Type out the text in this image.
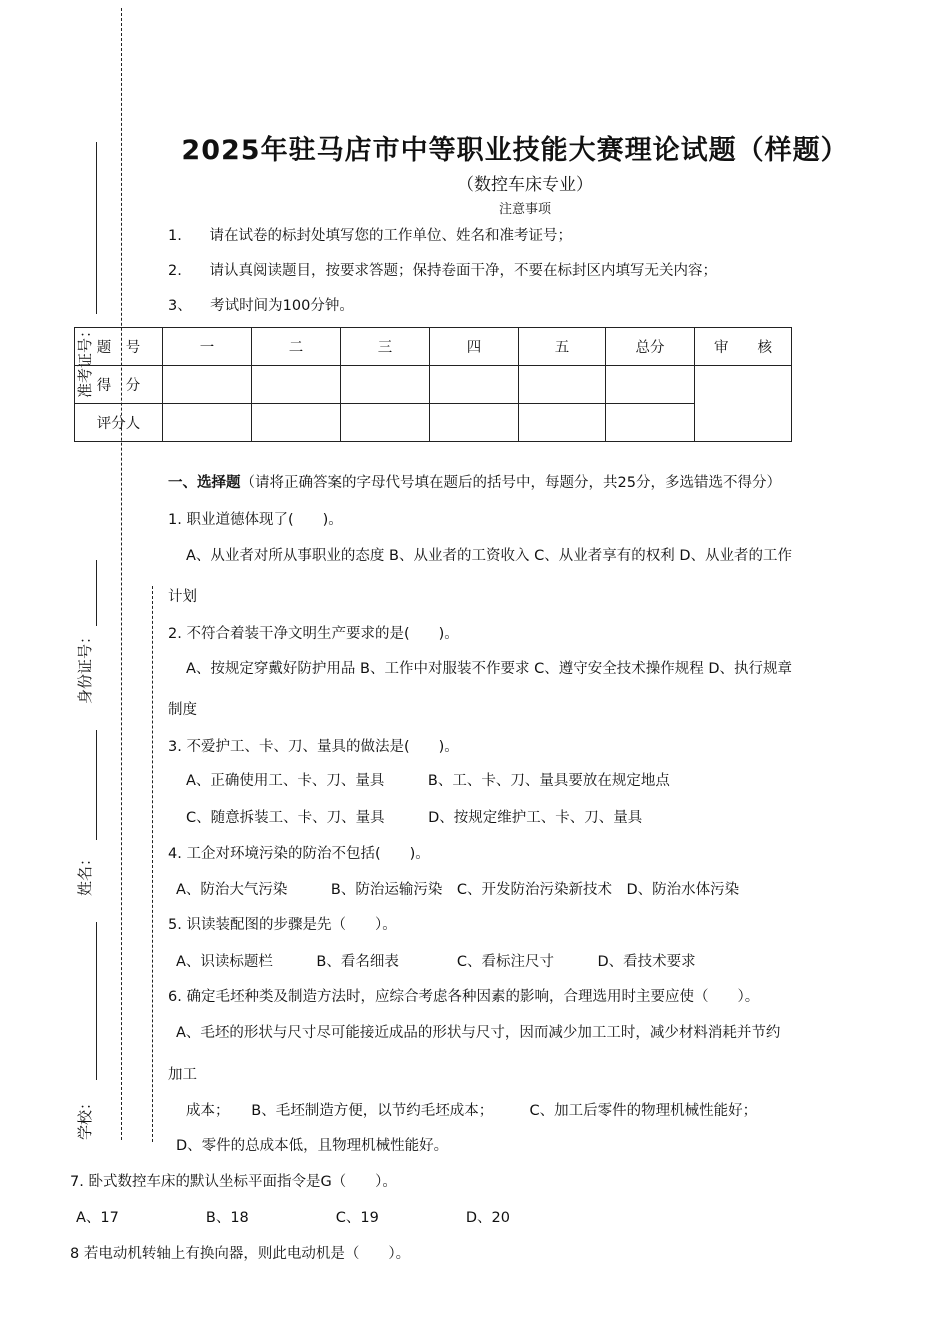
准考证号：
身份证号：
姓名：
学校：
2025年驻马店市中等职业技能大赛理论试题（样题）
（数控车床专业）
注意事项
1.      请在试卷的标封处填写您的工作单位、姓名和准考证号；
2.      请认真阅读题目，按要求答题；保持卷面干净，不要在标封区内填写无关内容；
3、    考试时间为100分钟。
题　号	一	二	三	四	五	总分	审　　核
得　分							
评分人							
一、选择题（请将正确答案的字母代号填在题后的括号中，每题分，共25分，多选错选不得分）
1. 职业道德体现了(　　)。
A、从业者对所从事职业的态度 B、从业者的工资收入 C、从业者享有的权利 D、从业者的工作
计划
2. 不符合着装干净文明生产要求的是(　　)。
A、按规定穿戴好防护用品 B、工作中对服装不作要求 C、遵守安全技术操作规程 D、执行规章
制度
3. 不爱护工、卡、刀、量具的做法是(　　)。
A、正确使用工、卡、刀、量具　　　B、工、卡、刀、量具要放在规定地点
C、随意拆装工、卡、刀、量具　　　D、按规定维护工、卡、刀、量具
4. 工企对环境污染的防治不包括(　　)。
A、防治大气污染　　　B、防治运输污染　C、开发防治污染新技术　D、防治水体污染
5. 识读装配图的步骤是先（　　）。
A、识读标题栏　　　B、看名细表　　　　C、看标注尺寸　　　D、看技术要求
6. 确定毛坯种类及制造方法时，应综合考虑各种因素的影响，合理选用时主要应使（　　）。
A、毛坯的形状与尺寸尽可能接近成品的形状与尺寸，因而减少加工工时，减少材料消耗并节约
加工
成本；　　B、毛坯制造方便，以节约毛坯成本；　　　C、加工后零件的物理机械性能好；
D、零件的总成本低，且物理机械性能好。
7. 卧式数控车床的默认坐标平面指令是G（　　）。
A、17　　　　　　B、18　　　　　　C、19　　　　　　D、20
8 若电动机转轴上有换向器，则此电动机是（　　）。
